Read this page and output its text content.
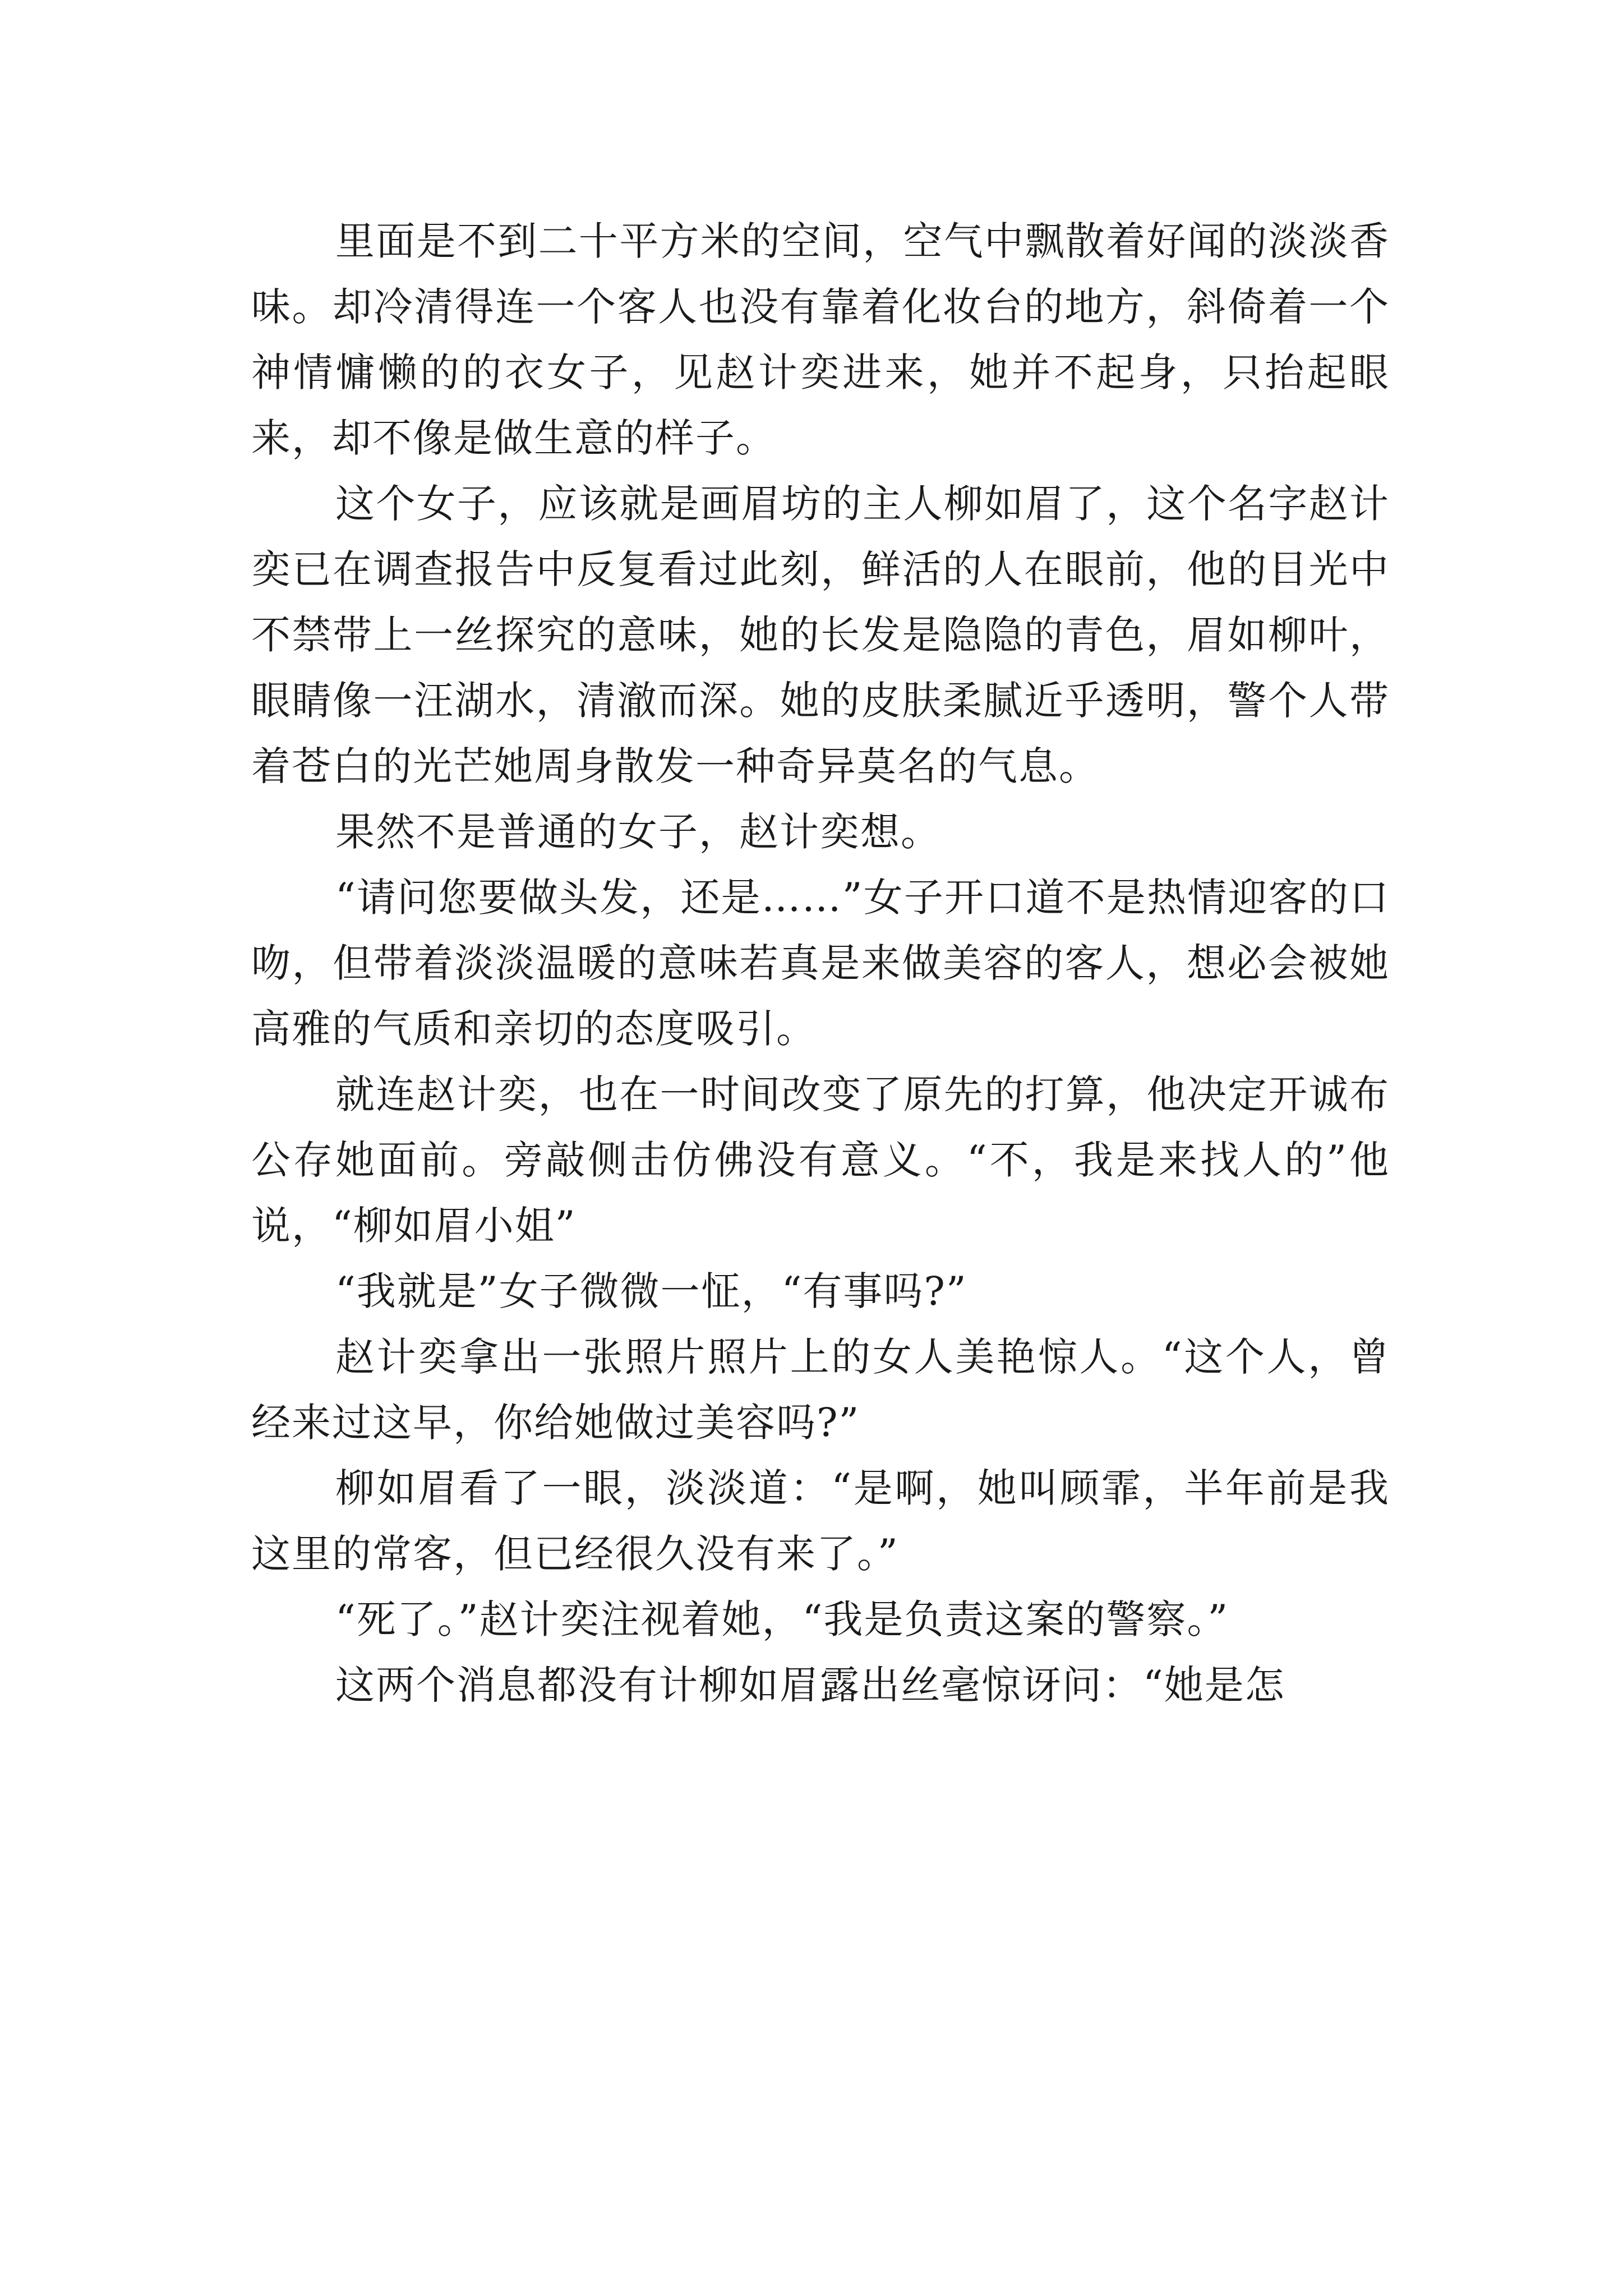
里面是不到二十平方米的空间，空气中飘散着好闻的淡淡香味。却冷清得连一个客人也没有靠着化妆台的地方，斜倚着一个神情慵懒的的衣女子，见赵计奕进来，她并不起身，只抬起眼来，却不像是做生意的样子。

这个女子，应该就是画眉坊的主人柳如眉了，这个名字赵计奕已在调查报告中反复看过此刻，鲜活的人在眼前，他的目光中不禁带上一丝探究的意味，她的长发是隐隐的青色，眉如柳叶，眼睛像一汪湖水，清澈而深。她的皮肤柔腻近乎透明，警个人带着苍白的光芒她周身散发一种奇异莫名的气息。

果然不是普通的女子，赵计奕想。

“请问您要做头发，还是……”女子开口道不是热情迎客的口吻，但带着淡淡温暖的意味若真是来做美容的客人，想必会被她高雅的气质和亲切的态度吸引。

就连赵计奕，也在一时间改变了原先的打算，他决定开诚布公存她面前。旁敲侧击仿佛没有意义。“不，我是来找人的”他说，“柳如眉小姐”

“我就是”女子微微一怔，“有事吗?”

赵计奕拿出一张照片照片上的女人美艳惊人。“这个人，曾经来过这早，你给她做过美容吗?”

柳如眉看了一眼，淡淡道：“是啊，她叫顾霏，半年前是我这里的常客，但已经很久没有来了。”

“死了。”赵计奕注视着她，“我是负责这案的警察。”

这两个消息都没有计柳如眉露出丝毫惊讶问：“她是怎
